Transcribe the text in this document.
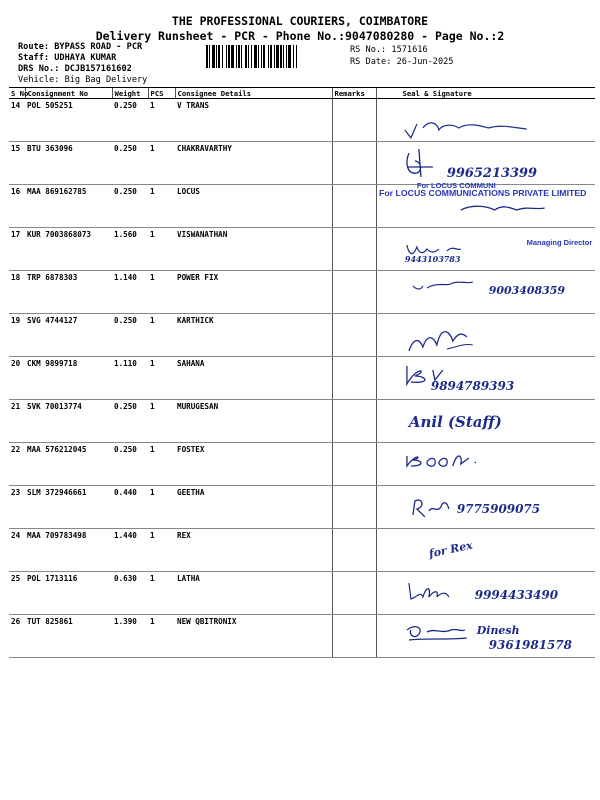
THE PROFESSIONAL COURIERS, COIMBATORE
Delivery Runsheet - PCR - Phone No.:9047080280 - Page No.:2
Route: BYPASS ROAD - PCR
Staff: UDHAYA KUMAR
DRS No.: DCJB157161602
Vehicle: Big Bag Delivery
RS No.: 1571616
RS Date: 26-Jun-2025
S No	Consignment No	Weight	PCS	Consignee Details	Remarks	Seal & Signature
14	POL 505251	0.250	1	V TRANS		

15	BTU 363096	0.250	1	CHAKRAVARTHY		9965213399

16	MAA 869162785	0.250	1	LOCUS		For LOCUS COMMUNI
For LOCUS COMMUNICATIONS PRIVATE LIMITED

17	KUR 7003868073	1.560	1	VISWANATHAN		Managing Director
9443103783

18	TRP 6878303	1.140	1	POWER FIX		9003408359

19	SVG 4744127	0.250	1	KARTHICK		

20	CKM 9899718	1.110	1	SAHANA		9894789393

21	SVK 70013774	0.250	1	MURUGESAN		Anil (Staff)

22	MAA 576212045	0.250	1	FOSTEX		

23	SLM 372946661	0.440	1	GEETHA		9775909075

24	MAA 709783498	1.440	1	REX		for Rex

25	POL 1713116	0.630	1	LATHA		9994433490

26	TUT 825861	1.390	1	NEW QBITRONIX		Dinesh
9361981578
